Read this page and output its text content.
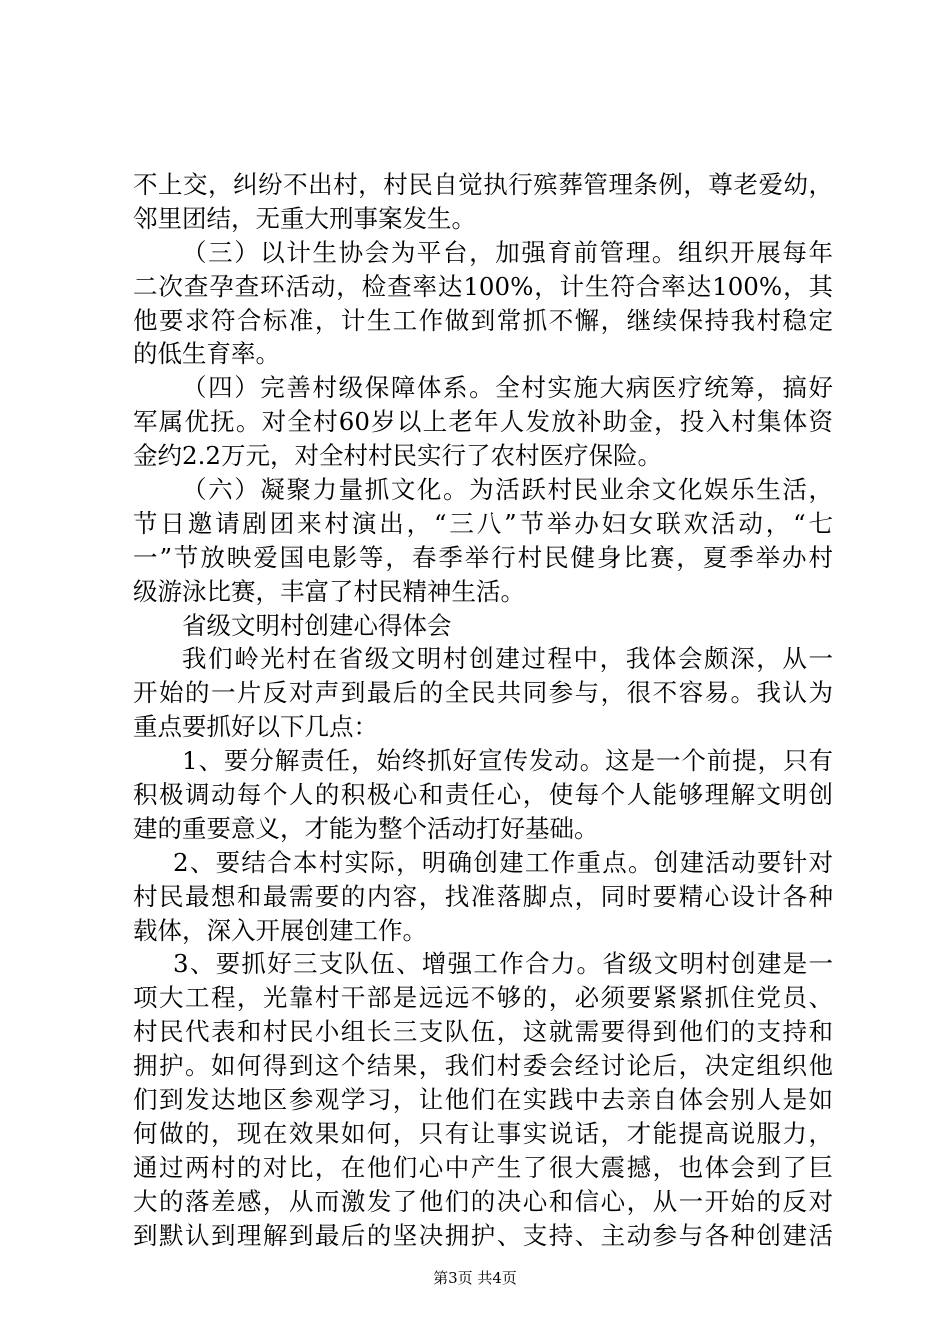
不上交，纠纷不出村，村民自觉执行殡葬管理条例，尊老爱幼，
邻里团结，无重大刑事案发生。
（三）以计生协会为平台，加强育前管理。组织开展每年
二次查孕查环活动，检查率达100%，计生符合率达100%，其
他要求符合标准，计生工作做到常抓不懈，继续保持我村稳定
的低生育率。
（四）完善村级保障体系。全村实施大病医疗统筹，搞好
军属优抚。对全村60岁以上老年人发放补助金，投入村集体资
金约2.2万元，对全村村民实行了农村医疗保险。
（六）凝聚力量抓文化。为活跃村民业余文化娱乐生活，
节日邀请剧团来村演出，“三八”节举办妇女联欢活动，“七
一”节放映爱国电影等，春季举行村民健身比赛，夏季举办村
级游泳比赛，丰富了村民精神生活。
省级文明村创建心得体会
我们岭光村在省级文明村创建过程中，我体会颇深，从一
开始的一片反对声到最后的全民共同参与，很不容易。我认为
重点要抓好以下几点：
1、要分解责任，始终抓好宣传发动。这是一个前提，只有
积极调动每个人的积极心和责任心，使每个人能够理解文明创
建的重要意义，才能为整个活动打好基础。
2、要结合本村实际，明确创建工作重点。创建活动要针对
村民最想和最需要的内容，找准落脚点，同时要精心设计各种
载体，深入开展创建工作。
3、要抓好三支队伍、增强工作合力。省级文明村创建是一
项大工程，光靠村干部是远远不够的，必须要紧紧抓住党员、
村民代表和村民小组长三支队伍，这就需要得到他们的支持和
拥护。如何得到这个结果，我们村委会经讨论后，决定组织他
们到发达地区参观学习，让他们在实践中去亲自体会别人是如
何做的，现在效果如何，只有让事实说话，才能提高说服力，
通过两村的对比，在他们心中产生了很大震撼，也体会到了巨
大的落差感，从而激发了他们的决心和信心，从一开始的反对
到默认到理解到最后的坚决拥护、支持、主动参与各种创建活
第3页 共4页
